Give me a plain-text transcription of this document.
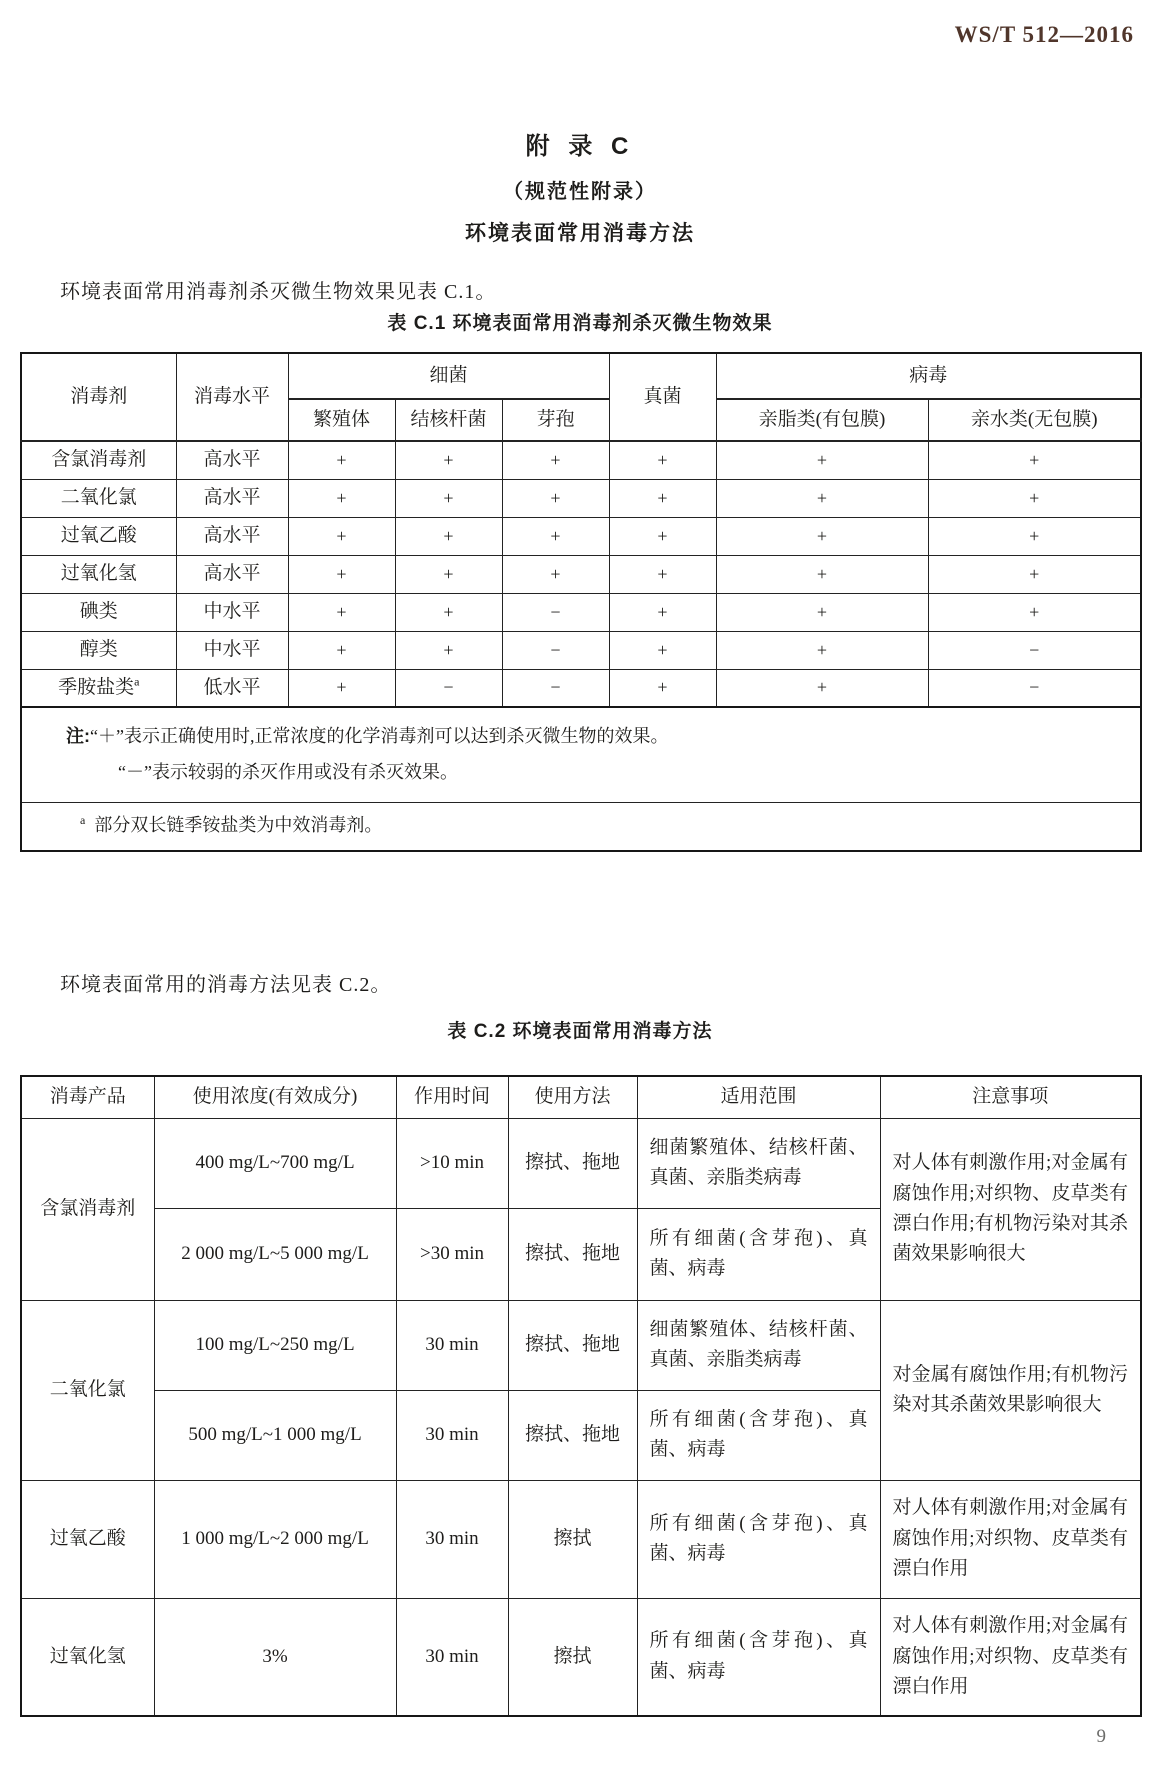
WS/T 512—2016
附 录 C
（规范性附录）
环境表面常用消毒方法

环境表面常用消毒剂杀灭微生物效果见表 C.1。

表 C.1 环境表面常用消毒剂杀灭微生物效果
消毒剂	消毒水平	细菌			真菌	病毒	
		繁殖体	结核杆菌	芽孢		亲脂类(有包膜)	亲水类(无包膜)
含氯消毒剂	高水平	+	+	+	+	+	+
二氧化氯	高水平	+	+	+	+	+	+
过氧乙酸	高水平	+	+	+	+	+	+
过氧化氢	高水平	+	+	+	+	+	+
碘类	中水平	+	+	−	+	+	+
醇类	中水平	+	+	−	+	+	−
季胺盐类$^a$	低水平	+	−	−	+	+	−

注:“＋”表示正确使用时,正常浓度的化学消毒剂可以达到杀灭微生物的效果。
“－”表示较弱的杀灭作用或没有杀灭效果。							

$^a$ 部分双长链季铵盐类为中效消毒剂。							

环境表面常用的消毒方法见表 C.2。

表 C.2 环境表面常用消毒方法
消毒产品	使用浓度(有效成分)	作用时间	使用方法	适用范围	注意事项
含氯消毒剂	400 mg/L~700 mg/L	>10 min	擦拭、拖地	细菌繁殖体、结核杆菌、真菌、亲脂类病毒	对人体有刺激作用;对金属有腐蚀作用;对织物、皮草类有漂白作用;有机物污染对其杀菌效果影响很大
	2 000 mg/L~5 000 mg/L	>30 min	擦拭、拖地	所有细菌(含芽孢)、真菌、病毒	
二氧化氯	100 mg/L~250 mg/L	30 min	擦拭、拖地	细菌繁殖体、结核杆菌、真菌、亲脂类病毒	对金属有腐蚀作用;有机物污染对其杀菌效果影响很大
	500 mg/L~1 000 mg/L	30 min	擦拭、拖地	所有细菌(含芽孢)、真菌、病毒	
过氧乙酸	1 000 mg/L~2 000 mg/L	30 min	擦拭	所有细菌(含芽孢)、真菌、病毒	对人体有刺激作用;对金属有腐蚀作用;对织物、皮草类有漂白作用
过氧化氢	3%	30 min	擦拭	所有细菌(含芽孢)、真菌、病毒	对人体有刺激作用;对金属有腐蚀作用;对织物、皮草类有漂白作用
9
